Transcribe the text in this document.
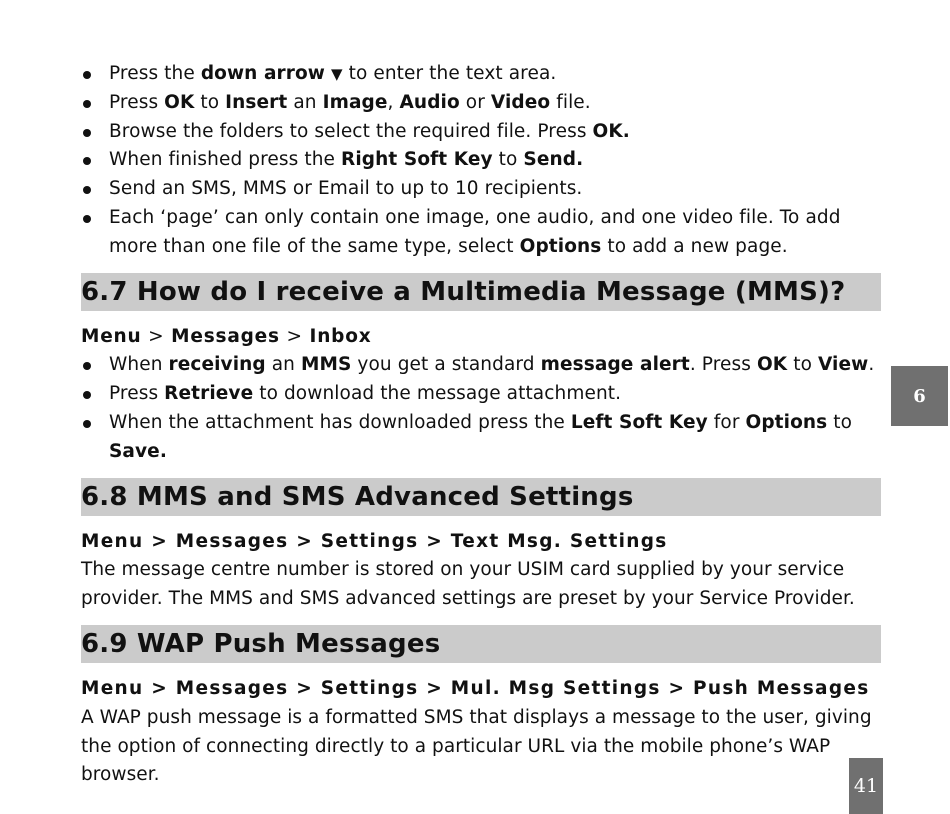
Press the down arrow ▼ to enter the text area.
Press OK to Insert an Image, Audio or Video file.
Browse the folders to select the required file. Press OK.
When finished press the Right Soft Key to Send.
Send an SMS, MMS or Email to up to 10 recipients.
Each ‘page’ can only contain one image, one audio, and one video file. To add more than one file of the same type, select Options to add a new page.
6.7 How do I receive a Multimedia Message (MMS)?

Menu > Messages > Inbox

When receiving an MMS you get a standard message alert. Press OK to View.
Press Retrieve to download the message attachment.
When the attachment has downloaded press the Left Soft Key for Options to Save.
6.8 MMS and SMS Advanced Settings

Menu > Messages > Settings > Text Msg. Settings

The message centre number is stored on your USIM card supplied by your service provider. The MMS and SMS advanced settings are preset by your Service Provider.

6.9 WAP Push Messages

Menu > Messages > Settings > Mul. Msg Settings > Push Messages

A WAP push message is a formatted SMS that displays a message to the user, giving the option of connecting directly to a particular URL via the mobile phone’s WAP browser.

6
41
